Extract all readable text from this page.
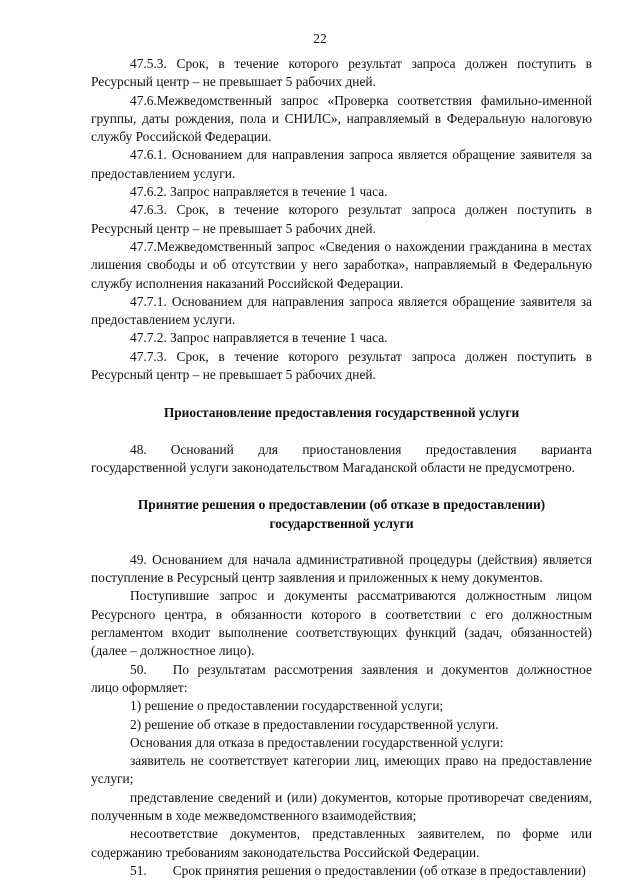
22

47.5.3. Срок, в течение которого результат запроса должен поступить в Ресурсный центр – не превышает 5 рабочих дней.

47.6.Межведомственный запрос «Проверка соответствия фамильно-именной группы, даты рождения, пола и СНИЛС», направляемый в Федеральную налоговую службу Российской Федерации.

47.6.1. Основанием для направления запроса является обращение заявителя за предоставлением услуги.

47.6.2. Запрос направляется в течение 1 часа.

47.6.3. Срок, в течение которого результат запроса должен поступить в Ресурсный центр – не превышает 5 рабочих дней.

47.7.Межведомственный запрос «Сведения о нахождении гражданина в местах лишения свободы и об отсутствии у него заработка», направляемый в Федеральную службу исполнения наказаний Российской Федерации.

47.7.1. Основанием для направления запроса является обращение заявителя за предоставлением услуги.

47.7.2. Запрос направляется в течение 1 часа.

47.7.3. Срок, в течение которого результат запроса должен поступить в Ресурсный центр – не превышает 5 рабочих дней.

Приостановление предоставления государственной услуги

48. Оснований для приостановления предоставления варианта государственной услуги законодательством Магаданской области не предусмотрено.

Принятие решения о предоставлении (об отказе в предоставлении)

государственной услуги

49. Основанием для начала административной процедуры (действия) является поступление в Ресурсный центр заявления и приложенных к нему документов.

Поступившие запрос и документы рассматриваются должностным лицом Ресурсного центра, в обязанности которого в соответствии с его должностным регламентом входит выполнение соответствующих функций (задач, обязанностей) (далее – должностное лицо).

50. По результатам рассмотрения заявления и документов должностное лицо оформляет:

1) решение о предоставлении государственной услуги;

2) решение об отказе в предоставлении государственной услуги.

Основания для отказа в предоставлении государственной услуги:

заявитель не соответствует категории лиц, имеющих право на предоставление услуги;

представление сведений и (или) документов, которые противоречат сведениям, полученным в ходе межведомственного взаимодействия;

несоответствие документов, представленных заявителем, по форме или содержанию требованиям законодательства Российской Федерации.

51. Срок принятия решения о предоставлении (об отказе в предоставлении)
